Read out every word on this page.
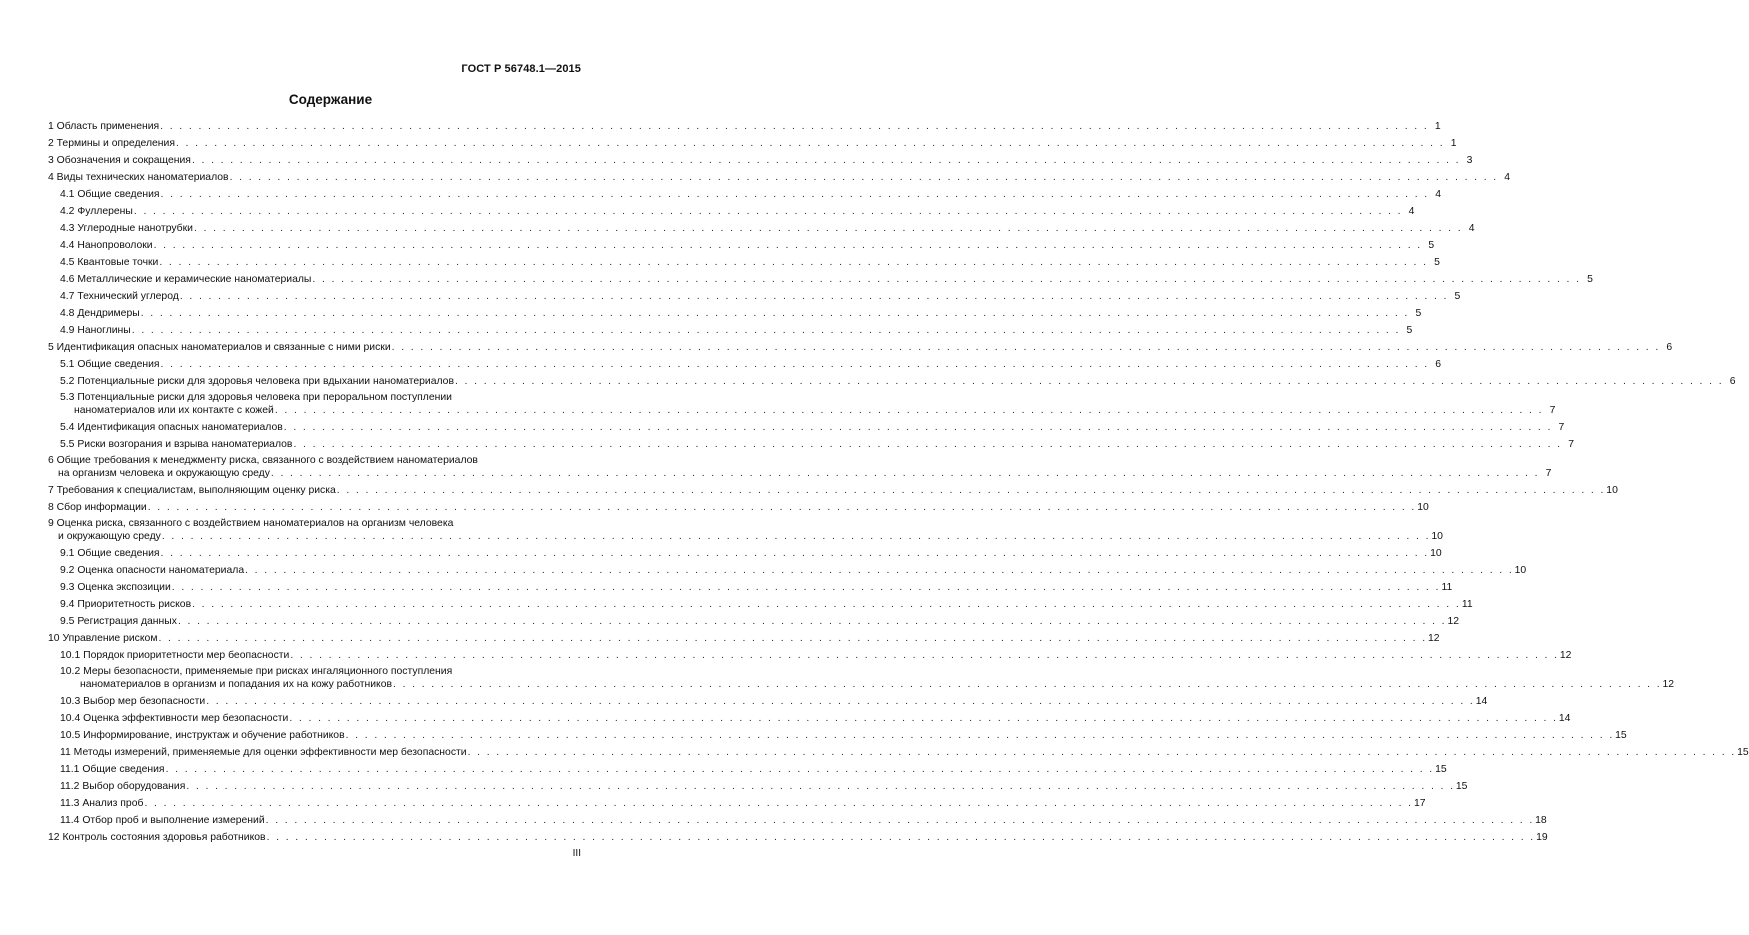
ГОСТ Р 56748.1—2015
Содержание
1 Область применения . . . . . . . . . . . . . . . . . . . . . . . . . . . . . . . . . . . . . . . . . . . . . . . . . . . . . . . . . . . . . . . . . . . . . . . . . . . . . . . . . . . . . . . . . . . . . . . . . . . . . . . . . . . . . . . . . . . . . . . . . . . . . . . . . . . . . 1
2 Термины и определения . . . . . . . . . . . . . . . . . . . . . . . . . . . . . . . . . . . . . . . . . . . . . . . . . . . . . . . . . . . . . . . . . . . . . . . . . . . . . . . . . . . . . . . . . . . . . . . . . . . . . . . . . . . . . . . . . . . . . . . . . . . . . . . . . . . . . 1
3 Обозначения и сокращения . . . . . . . . . . . . . . . . . . . . . . . . . . . . . . . . . . . . . . . . . . . . . . . . . . . . . . . . . . . . . . . . . . . . . . . . . . . . . . . . . . . . . . . . . . . . . . . . . . . . . . . . . . . . . . . . . . . . . . . . . . . . . . . . . . . . . 3
4 Виды технических наноматериалов . . . . . . . . . . . . . . . . . . . . . . . . . . . . . . . . . . . . . . . . . . . . . . . . . . . . . . . . . . . . . . . . . . . . . . . . . . . . . . . . . . . . . . . . . . . . . . . . . . . . . . . . . . . . . . . . . . . . . . . . . . . . . . . . . . . . . 4
4.1 Общие сведения . . . . . . . . . . . . . . . . . . . . . . . . . . . . . . . . . . . . . . . . . . . . . . . . . . . . . . . . . . . . . . . . . . . . . . . . . . . . . . . . . . . . . . . . . . . . . . . . . . . . . . . . . . . . . . . . . . . . . . . . . . . . . . . . . . . . . 4
4.2 Фуллерены . . . . . . . . . . . . . . . . . . . . . . . . . . . . . . . . . . . . . . . . . . . . . . . . . . . . . . . . . . . . . . . . . . . . . . . . . . . . . . . . . . . . . . . . . . . . . . . . . . . . . . . . . . . . . . . . . . . . . . . . . . . . . . . . . . . . . 4
4.3 Углеродные нанотрубки . . . . . . . . . . . . . . . . . . . . . . . . . . . . . . . . . . . . . . . . . . . . . . . . . . . . . . . . . . . . . . . . . . . . . . . . . . . . . . . . . . . . . . . . . . . . . . . . . . . . . . . . . . . . . . . . . . . . . . . . . . . . . . . . . . . . . 4
4.4 Нанопроволоки . . . . . . . . . . . . . . . . . . . . . . . . . . . . . . . . . . . . . . . . . . . . . . . . . . . . . . . . . . . . . . . . . . . . . . . . . . . . . . . . . . . . . . . . . . . . . . . . . . . . . . . . . . . . . . . . . . . . . . . . . . . . . . . . . . . . . 5
4.5 Квантовые точки . . . . . . . . . . . . . . . . . . . . . . . . . . . . . . . . . . . . . . . . . . . . . . . . . . . . . . . . . . . . . . . . . . . . . . . . . . . . . . . . . . . . . . . . . . . . . . . . . . . . . . . . . . . . . . . . . . . . . . . . . . . . . . . . . . . . . 5
4.6 Металлические и керамические наноматериалы . . . . . . . . . . . . . . . . . . . . . . . . . . . . . . . . . . . . . . . . . . . . . . . . . . . . . . . . . . . . . . . . . . . . . . . . . . . . . . . . . . . . . . . . . . . . . . . . . . . . . . . . . . . . . . . . . . . . . . . . . . . . . . . . . . . . . 5
4.7 Технический углерод . . . . . . . . . . . . . . . . . . . . . . . . . . . . . . . . . . . . . . . . . . . . . . . . . . . . . . . . . . . . . . . . . . . . . . . . . . . . . . . . . . . . . . . . . . . . . . . . . . . . . . . . . . . . . . . . . . . . . . . . . . . . . . . . . . . . . 5
4.8 Дендримеры . . . . . . . . . . . . . . . . . . . . . . . . . . . . . . . . . . . . . . . . . . . . . . . . . . . . . . . . . . . . . . . . . . . . . . . . . . . . . . . . . . . . . . . . . . . . . . . . . . . . . . . . . . . . . . . . . . . . . . . . . . . . . . . . . . . . . 5
4.9 Наноглины . . . . . . . . . . . . . . . . . . . . . . . . . . . . . . . . . . . . . . . . . . . . . . . . . . . . . . . . . . . . . . . . . . . . . . . . . . . . . . . . . . . . . . . . . . . . . . . . . . . . . . . . . . . . . . . . . . . . . . . . . . . . . . . . . . . . . 5
5 Идентификация опасных наноматериалов и связанные с ними риски . . . . . . . . . . . . . . . . . . . . . . . . . . . . . . . . . . . . . . . . . . . . . . . . . . . . . . . . . . . . . . . . . . . . . . . . . . . . . . . . . . . . . . . . . . . . . . . . . . . . . . . . . . . . . . . . . . . . . . . . . . . . . . . . . . . . . 6
5.1 Общие сведения . . . . . . . . . . . . . . . . . . . . . . . . . . . . . . . . . . . . . . . . . . . . . . . . . . . . . . . . . . . . . . . . . . . . . . . . . . . . . . . . . . . . . . . . . . . . . . . . . . . . . . . . . . . . . . . . . . . . . . . . . . . . . . . . . . . . . 6
5.2 Потенциальные риски для здоровья человека при вдыхании наноматериалов . . . . . . . . . . . . . . . . . . . . . . . . . . . . . . . . . . . . . . . . . . . . . . . . . . . . . . . . . . . . . . . . . . . . . . . . . . . . . . . . . . . . . . . . . . . . . . . . . . . . . . . . . . . . . . . . . . . . . . . . . . . . . . . . . . . . . 6
5.3 Потенциальные риски для здоровья человека при пероральном поступлении
наноматериалов или их контакте с кожей . . . . . . . . . . . . . . . . . . . . . . . . . . . . . . . . . . . . . . . . . . . . . . . . . . . . . . . . . . . . . . . . . . . . . . . . . . . . . . . . . . . . . . . . . . . . . . . . . . . . . . . . . . . . . . . . . . . . . . . . . . . . . . . . . . . . . 7
5.4 Идентификация опасных наноматериалов . . . . . . . . . . . . . . . . . . . . . . . . . . . . . . . . . . . . . . . . . . . . . . . . . . . . . . . . . . . . . . . . . . . . . . . . . . . . . . . . . . . . . . . . . . . . . . . . . . . . . . . . . . . . . . . . . . . . . . . . . . . . . . . . . . . . . 7
5.5 Риски возгорания и взрыва наноматериалов . . . . . . . . . . . . . . . . . . . . . . . . . . . . . . . . . . . . . . . . . . . . . . . . . . . . . . . . . . . . . . . . . . . . . . . . . . . . . . . . . . . . . . . . . . . . . . . . . . . . . . . . . . . . . . . . . . . . . . . . . . . . . . . . . . . . . 7
6 Общие требования к менеджменту риска, связанного с воздействием наноматериалов
на организм человека и окружающую среду . . . . . . . . . . . . . . . . . . . . . . . . . . . . . . . . . . . . . . . . . . . . . . . . . . . . . . . . . . . . . . . . . . . . . . . . . . . . . . . . . . . . . . . . . . . . . . . . . . . . . . . . . . . . . . . . . . . . . . . . . . . . . . . . . . . . . 7
7 Требования к специалистам, выполняющим оценку риска . . . . . . . . . . . . . . . . . . . . . . . . . . . . . . . . . . . . . . . . . . . . . . . . . . . . . . . . . . . . . . . . . . . . . . . . . . . . . . . . . . . . . . . . . . . . . . . . . . . . . . . . . . . . . . . . . . . . . . . . . . . . . . . . . . . . . 10
8 Сбор информации . . . . . . . . . . . . . . . . . . . . . . . . . . . . . . . . . . . . . . . . . . . . . . . . . . . . . . . . . . . . . . . . . . . . . . . . . . . . . . . . . . . . . . . . . . . . . . . . . . . . . . . . . . . . . . . . . . . . . . . . . . . . . . . . . . . . . 10
9 Оценка риска, связанного с воздействием наноматериалов на организм человека
и окружающую среду . . . . . . . . . . . . . . . . . . . . . . . . . . . . . . . . . . . . . . . . . . . . . . . . . . . . . . . . . . . . . . . . . . . . . . . . . . . . . . . . . . . . . . . . . . . . . . . . . . . . . . . . . . . . . . . . . . . . . . . . . . . . . . . . . . . . . 10
9.1 Общие сведения . . . . . . . . . . . . . . . . . . . . . . . . . . . . . . . . . . . . . . . . . . . . . . . . . . . . . . . . . . . . . . . . . . . . . . . . . . . . . . . . . . . . . . . . . . . . . . . . . . . . . . . . . . . . . . . . . . . . . . . . . . . . . . . . . . . . . 10
9.2 Оценка опасности наноматериала . . . . . . . . . . . . . . . . . . . . . . . . . . . . . . . . . . . . . . . . . . . . . . . . . . . . . . . . . . . . . . . . . . . . . . . . . . . . . . . . . . . . . . . . . . . . . . . . . . . . . . . . . . . . . . . . . . . . . . . . . . . . . . . . . . . . . 10
9.3 Оценка экспозиции . . . . . . . . . . . . . . . . . . . . . . . . . . . . . . . . . . . . . . . . . . . . . . . . . . . . . . . . . . . . . . . . . . . . . . . . . . . . . . . . . . . . . . . . . . . . . . . . . . . . . . . . . . . . . . . . . . . . . . . . . . . . . . . . . . . . . 11
9.4 Приоритетность рисков . . . . . . . . . . . . . . . . . . . . . . . . . . . . . . . . . . . . . . . . . . . . . . . . . . . . . . . . . . . . . . . . . . . . . . . . . . . . . . . . . . . . . . . . . . . . . . . . . . . . . . . . . . . . . . . . . . . . . . . . . . . . . . . . . . . . . 11
9.5 Регистрация данных . . . . . . . . . . . . . . . . . . . . . . . . . . . . . . . . . . . . . . . . . . . . . . . . . . . . . . . . . . . . . . . . . . . . . . . . . . . . . . . . . . . . . . . . . . . . . . . . . . . . . . . . . . . . . . . . . . . . . . . . . . . . . . . . . . . . . 12
10 Управление риском . . . . . . . . . . . . . . . . . . . . . . . . . . . . . . . . . . . . . . . . . . . . . . . . . . . . . . . . . . . . . . . . . . . . . . . . . . . . . . . . . . . . . . . . . . . . . . . . . . . . . . . . . . . . . . . . . . . . . . . . . . . . . . . . . . . . . 12
10.1 Порядок приоритетности мер беопасности . . . . . . . . . . . . . . . . . . . . . . . . . . . . . . . . . . . . . . . . . . . . . . . . . . . . . . . . . . . . . . . . . . . . . . . . . . . . . . . . . . . . . . . . . . . . . . . . . . . . . . . . . . . . . . . . . . . . . . . . . . . . . . . . . . . . . 12
10.2 Меры безопасности, применяемые при рисках ингаляционного поступления
наноматериалов в организм и попадания их на кожу работников . . . . . . . . . . . . . . . . . . . . . . . . . . . . . . . . . . . . . . . . . . . . . . . . . . . . . . . . . . . . . . . . . . . . . . . . . . . . . . . . . . . . . . . . . . . . . . . . . . . . . . . . . . . . . . . . . . . . . . . . . . . . . . . . . . . . . 12
10.3 Выбор мер безопасности . . . . . . . . . . . . . . . . . . . . . . . . . . . . . . . . . . . . . . . . . . . . . . . . . . . . . . . . . . . . . . . . . . . . . . . . . . . . . . . . . . . . . . . . . . . . . . . . . . . . . . . . . . . . . . . . . . . . . . . . . . . . . . . . . . . . . 14
10.4 Оценка эффективности мер безопасности . . . . . . . . . . . . . . . . . . . . . . . . . . . . . . . . . . . . . . . . . . . . . . . . . . . . . . . . . . . . . . . . . . . . . . . . . . . . . . . . . . . . . . . . . . . . . . . . . . . . . . . . . . . . . . . . . . . . . . . . . . . . . . . . . . . . . 14
10.5 Информирование, инструктаж и обучение работников . . . . . . . . . . . . . . . . . . . . . . . . . . . . . . . . . . . . . . . . . . . . . . . . . . . . . . . . . . . . . . . . . . . . . . . . . . . . . . . . . . . . . . . . . . . . . . . . . . . . . . . . . . . . . . . . . . . . . . . . . . . . . . . . . . . . . 15
11 Методы измерений, применяемые для оценки эффективности мер безопасности . . . . . . . . . . . . . . . . . . . . . . . . . . . . . . . . . . . . . . . . . . . . . . . . . . . . . . . . . . . . . . . . . . . . . . . . . . . . . . . . . . . . . . . . . . . . . . . . . . . . . . . . . . . . . . . . . . . . . . . . . . . . . . . . . . . . . 15
11.1 Общие сведения . . . . . . . . . . . . . . . . . . . . . . . . . . . . . . . . . . . . . . . . . . . . . . . . . . . . . . . . . . . . . . . . . . . . . . . . . . . . . . . . . . . . . . . . . . . . . . . . . . . . . . . . . . . . . . . . . . . . . . . . . . . . . . . . . . . . . 15
11.2 Выбор оборудования . . . . . . . . . . . . . . . . . . . . . . . . . . . . . . . . . . . . . . . . . . . . . . . . . . . . . . . . . . . . . . . . . . . . . . . . . . . . . . . . . . . . . . . . . . . . . . . . . . . . . . . . . . . . . . . . . . . . . . . . . . . . . . . . . . . . . 15
11.3 Анализ проб . . . . . . . . . . . . . . . . . . . . . . . . . . . . . . . . . . . . . . . . . . . . . . . . . . . . . . . . . . . . . . . . . . . . . . . . . . . . . . . . . . . . . . . . . . . . . . . . . . . . . . . . . . . . . . . . . . . . . . . . . . . . . . . . . . . . . 17
11.4 Отбор проб и выполнение измерений . . . . . . . . . . . . . . . . . . . . . . . . . . . . . . . . . . . . . . . . . . . . . . . . . . . . . . . . . . . . . . . . . . . . . . . . . . . . . . . . . . . . . . . . . . . . . . . . . . . . . . . . . . . . . . . . . . . . . . . . . . . . . . . . . . . . . 18
12 Контроль состояния здоровья работников . . . . . . . . . . . . . . . . . . . . . . . . . . . . . . . . . . . . . . . . . . . . . . . . . . . . . . . . . . . . . . . . . . . . . . . . . . . . . . . . . . . . . . . . . . . . . . . . . . . . . . . . . . . . . . . . . . . . . . . . . . . . . . . . . . . . . 19
III
